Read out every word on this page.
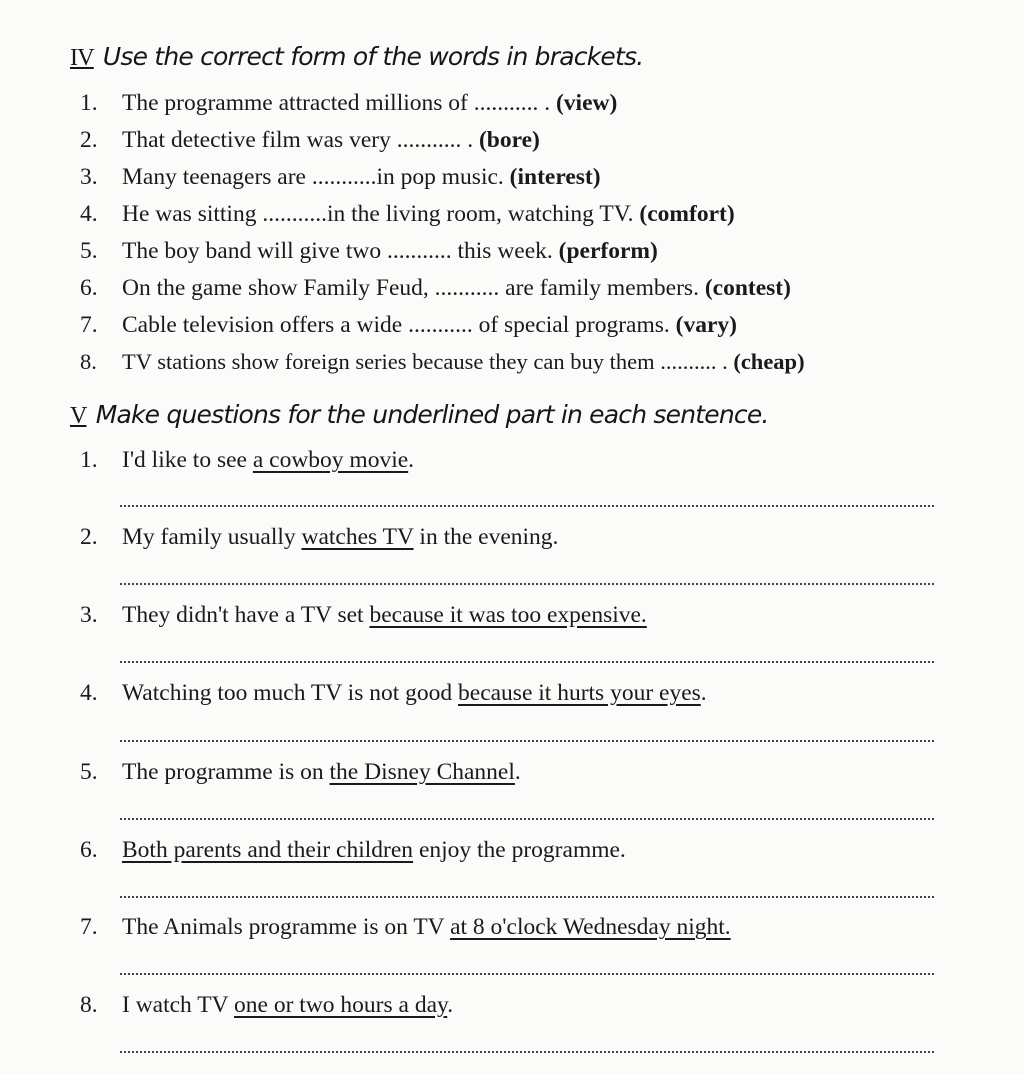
IV Use the correct form of the words in brackets.
1. The programme attracted millions of ........... . (view)
2. That detective film was very ........... . (bore)
3. Many teenagers are ...........in pop music. (interest)
4. He was sitting ...........in the living room, watching TV. (comfort)
5. The boy band will give two ........... this week. (perform)
6. On the game show Family Feud, ........... are family members. (contest)
7. Cable television offers a wide ........... of special programs. (vary)
8. TV stations show foreign series because they can buy them .......... . (cheap)
V Make questions for the underlined part in each sentence.
1. I'd like to see a cowboy movie.
2. My family usually watches TV in the evening.
3. They didn't have a TV set because it was too expensive.
4. Watching too much TV is not good because it hurts your eyes.
5. The programme is on the Disney Channel.
6. Both parents and their children enjoy the programme.
7. The Animals programme is on TV at 8 o'clock Wednesday night.
8. I watch TV one or two hours a day.
